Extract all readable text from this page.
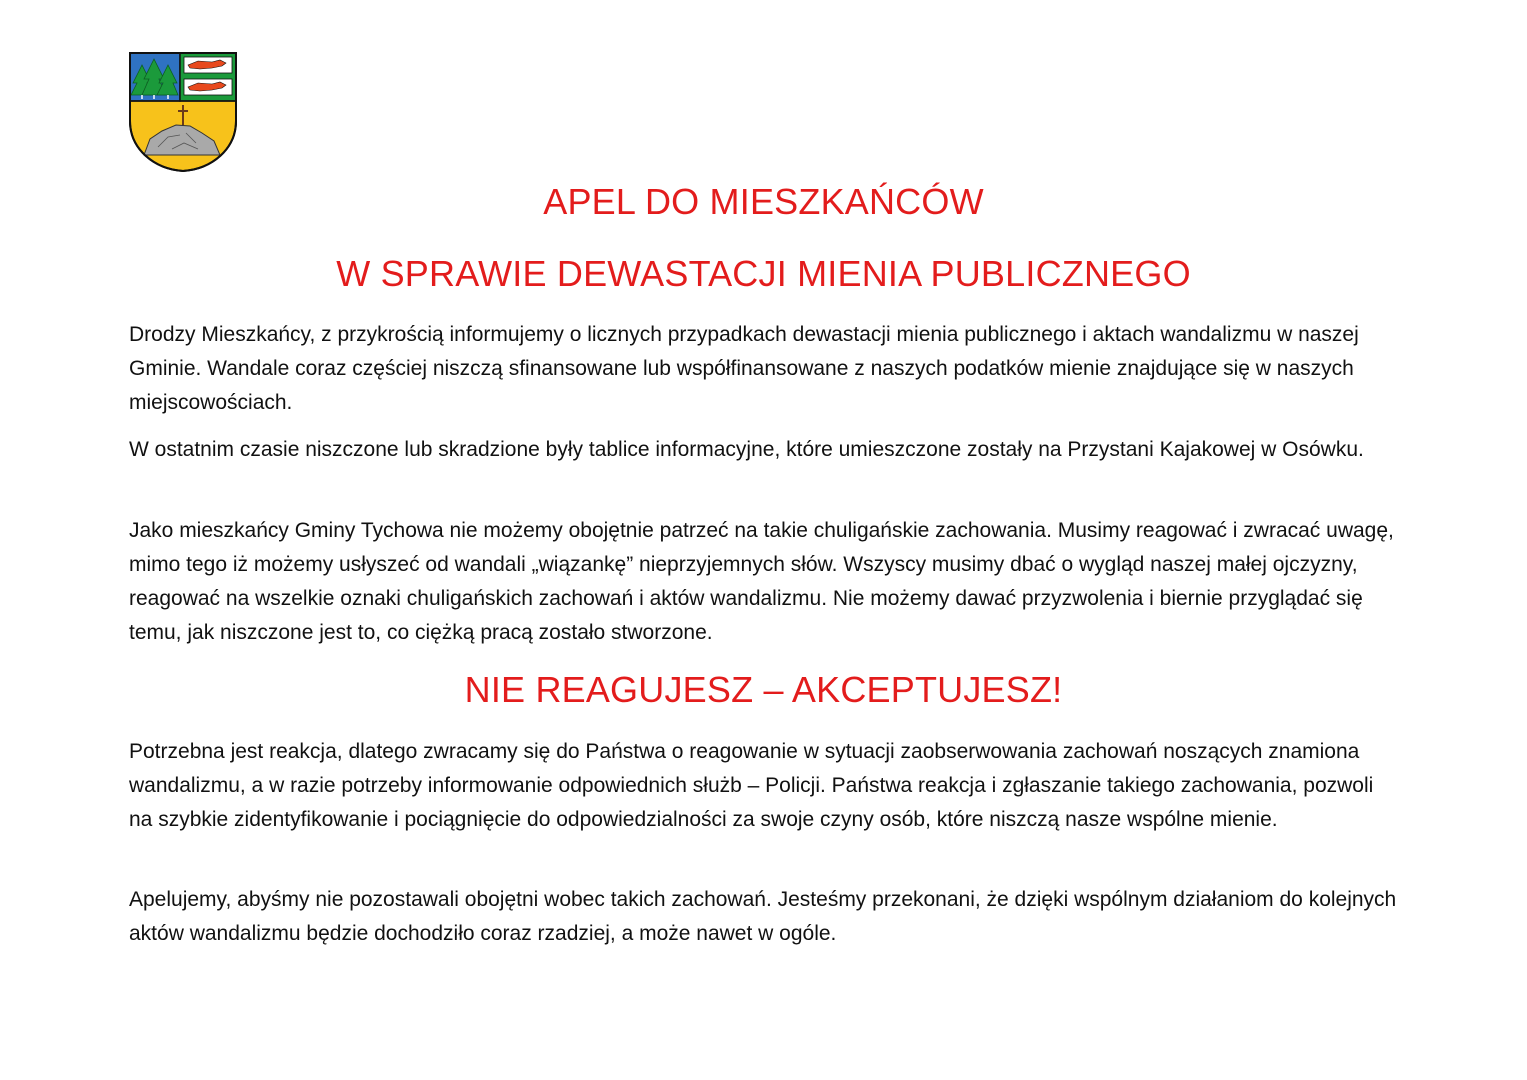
APEL DO MIESZKAŃCÓW
W SPRAWIE DEWASTACJI MIENIA PUBLICZNEGO

Drodzy Mieszkańcy, z przykrością informujemy o licznych przypadkach dewastacji mienia publicznego i aktach wandalizmu w naszej Gminie. Wandale coraz częściej niszczą sfinansowane lub współfinansowane z naszych podatków mienie znajdujące się w naszych miejscowościach.

W ostatnim czasie niszczone lub skradzione były tablice informacyjne, które umieszczone zostały na Przystani Kajakowej w Osówku.

Jako mieszkańcy Gminy Tychowa nie możemy obojętnie patrzeć na takie chuligańskie zachowania. Musimy reagować i zwracać uwagę, mimo tego iż możemy usłyszeć od wandali „wiązankę” nieprzyjemnych słów. Wszyscy musimy dbać o wygląd naszej małej ojczyzny, reagować na wszelkie oznaki chuligańskich zachowań i aktów wandalizmu. Nie możemy dawać przyzwolenia i biernie przyglądać się temu, jak niszczone jest to, co ciężką pracą zostało stworzone.

NIE REAGUJESZ – AKCEPTUJESZ!

Potrzebna jest reakcja, dlatego zwracamy się do Państwa o reagowanie w sytuacji zaobserwowania zachowań noszących znamiona wandalizmu, a w razie potrzeby informowanie odpowiednich służb – Policji. Państwa reakcja i zgłaszanie takiego zachowania, pozwoli na szybkie zidentyfikowanie i pociągnięcie do odpowiedzialności za swoje czyny osób, które niszczą nasze wspólne mienie.

Apelujemy, abyśmy nie pozostawali obojętni wobec takich zachowań. Jesteśmy przekonani, że dzięki wspólnym działaniom do kolejnych aktów wandalizmu będzie dochodziło coraz rzadziej, a może nawet w ogóle.
